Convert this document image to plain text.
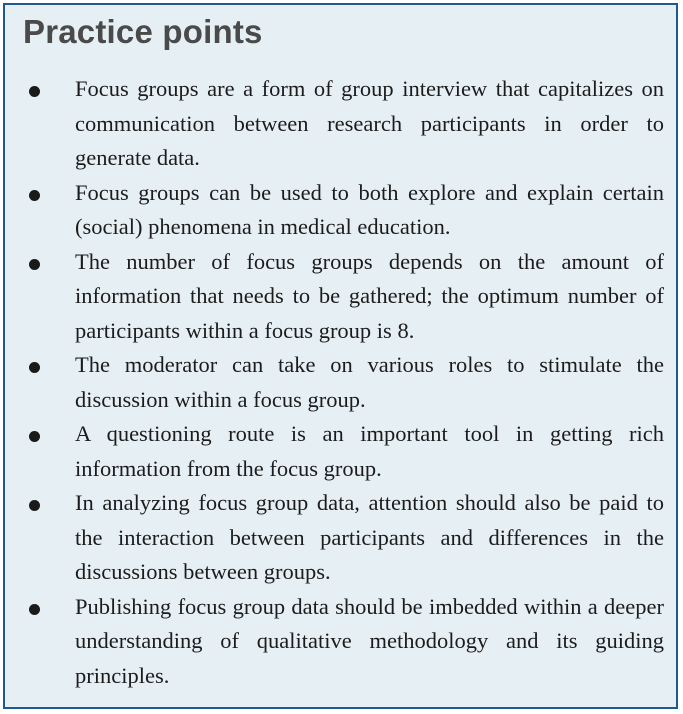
Practice points
Focus groups are a form of group interview that capitalizes on communication between research participants in order to generate data.
Focus groups can be used to both explore and explain certain (social) phenomena in medical education.
The number of focus groups depends on the amount of information that needs to be gathered; the optimum number of participants within a focus group is 8.
The moderator can take on various roles to stimulate the discussion within a focus group.
A questioning route is an important tool in getting rich information from the focus group.
In analyzing focus group data, attention should also be paid to the interaction between participants and differences in the discussions between groups.
Publishing focus group data should be imbedded within a deeper understanding of qualitative methodology and its guiding principles.
